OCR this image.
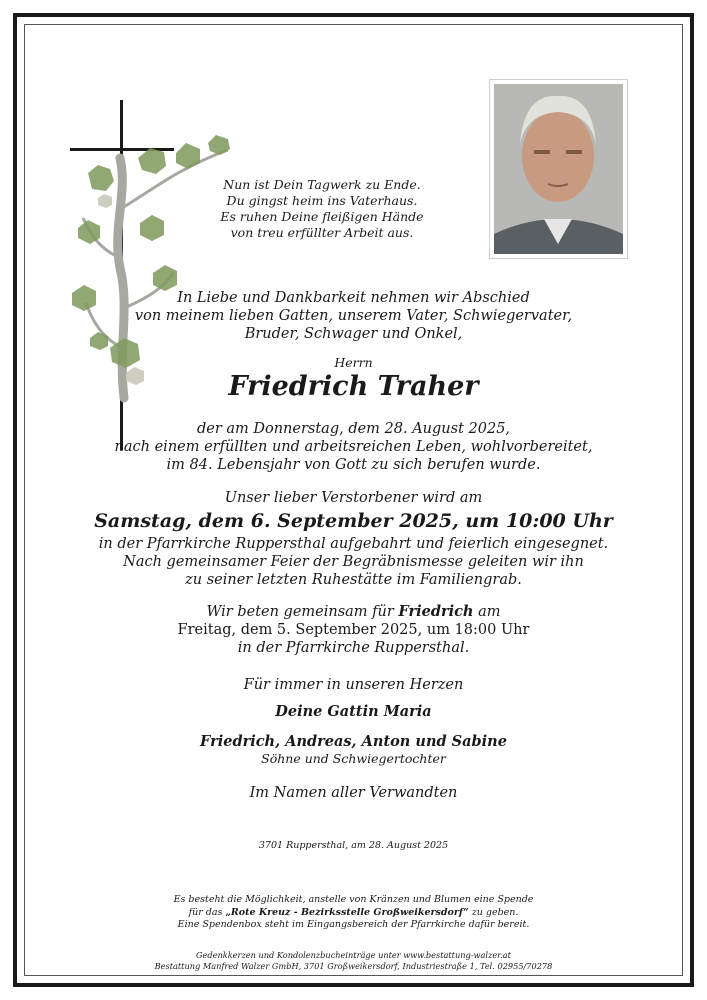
Nun ist Dein Tagwerk zu Ende.
Du gingst heim ins Vaterhaus.
Es ruhen Deine fleißigen Hände
von treu erfüllter Arbeit aus.
In Liebe und Dankbarkeit nehmen wir Abschied
von meinem lieben Gatten, unserem Vater, Schwiegervater,
Bruder, Schwager und Onkel,
Herrn
Friedrich Traher
der am Donnerstag, dem 28. August 2025,
nach einem erfüllten und arbeitsreichen Leben, wohlvorbereitet,
im 84. Lebensjahr von Gott zu sich berufen wurde.
Unser lieber Verstorbener wird am
Samstag, dem 6. September 2025, um 10:00 Uhr
in der Pfarrkirche Ruppersthal aufgebahrt und feierlich eingesegnet.
Nach gemeinsamer Feier der Begräbnismesse geleiten wir ihn
zu seiner letzten Ruhestätte im Familiengrab.
Wir beten gemeinsam für Friedrich am
Freitag, dem 5. September 2025, um 18:00 Uhr
in der Pfarrkirche Ruppersthal.
Für immer in unseren Herzen
Deine Gattin Maria
Friedrich, Andreas, Anton und Sabine
Söhne und Schwiegertochter
Im Namen aller Verwandten
3701 Ruppersthal, am 28. August 2025
Es besteht die Möglichkeit, anstelle von Kränzen und Blumen eine Spende
für das „Rote Kreuz - Bezirksstelle Großweikersdorf“ zu geben.
Eine Spendenbox steht im Eingangsbereich der Pfarrkirche dafür bereit.
Gedenkkerzen und Kondolenzbucheinträge unter www.bestattung-walzer.at
Bestattung Manfred Walzer GmbH, 3701 Großweikersdorf, Industriestraße 1, Tel. 02955/70278
